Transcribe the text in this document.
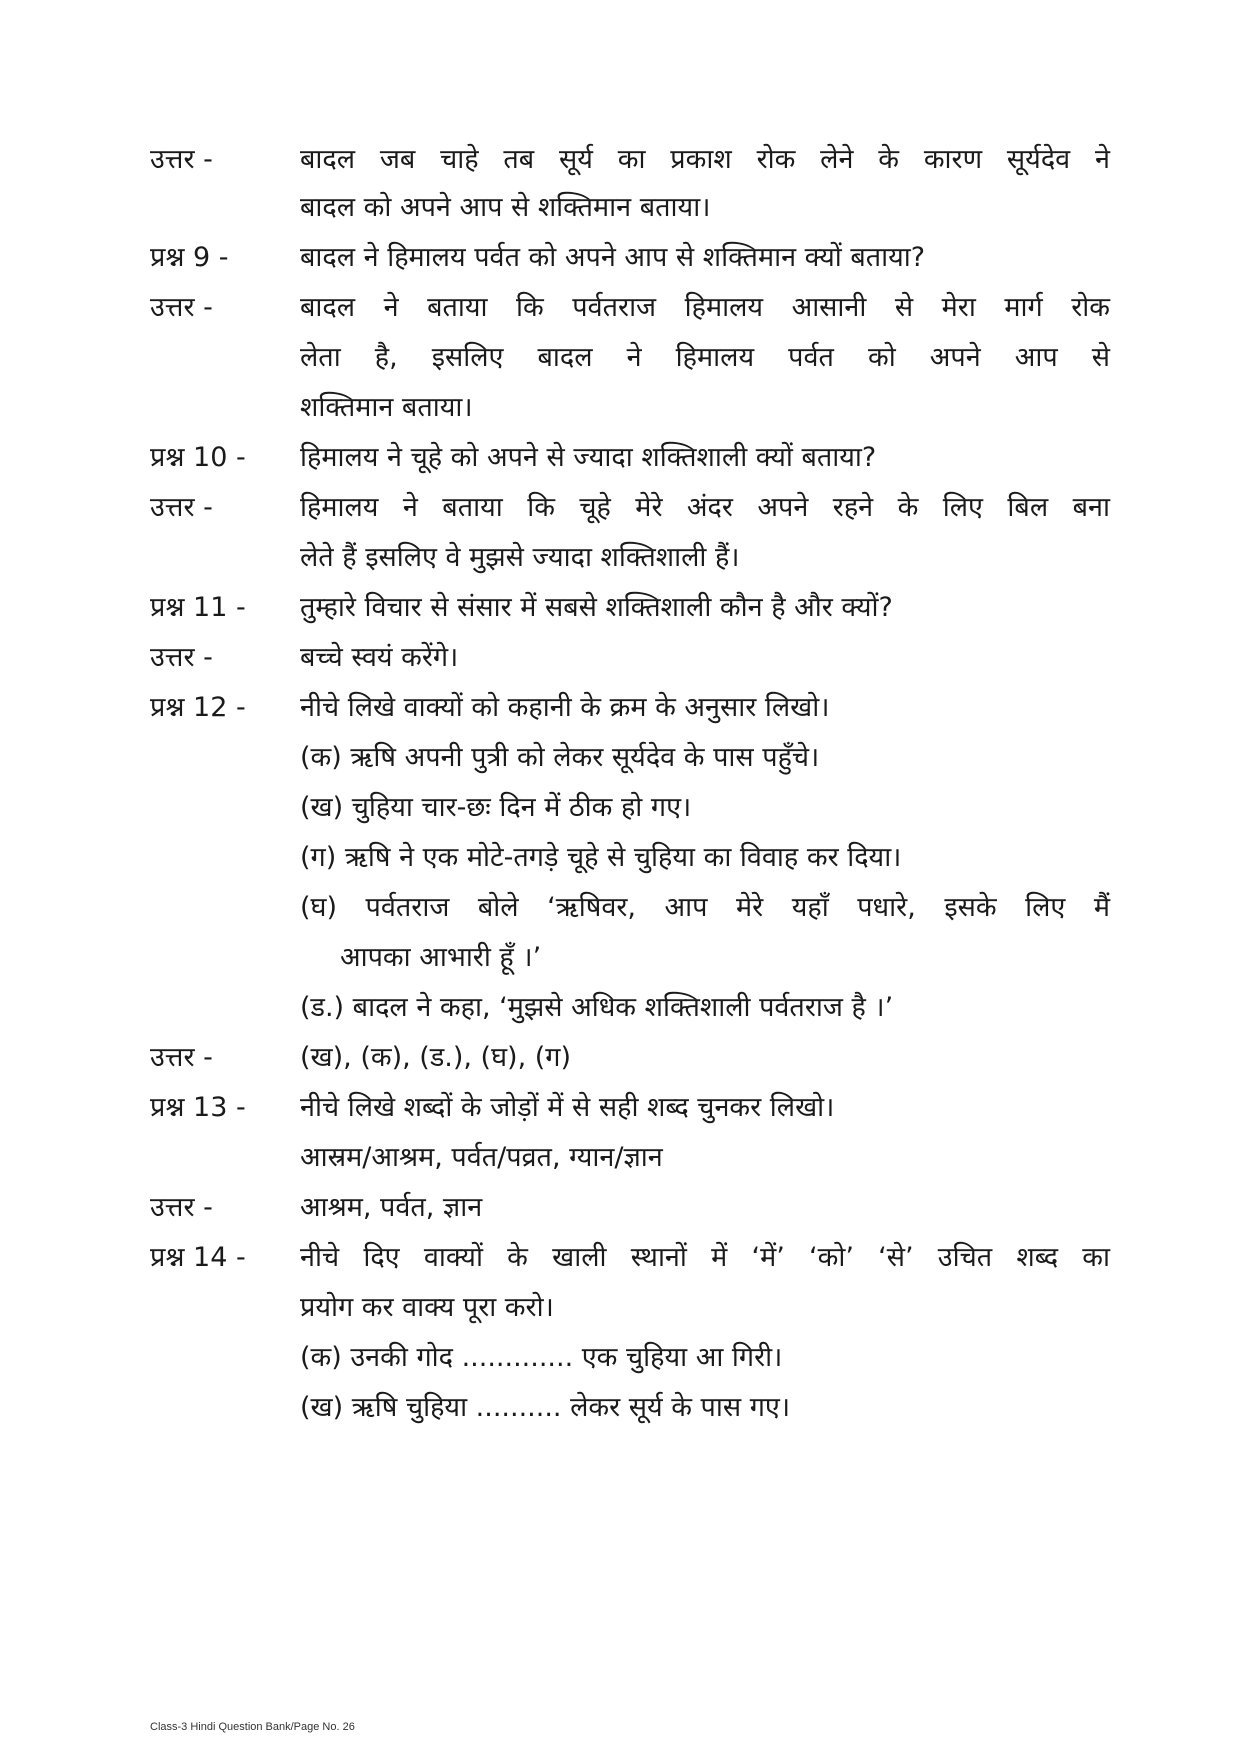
उत्तर -	बादल जब चाहे तब सूर्य का प्रकाश रोक लेने के कारण सूर्यदेव ने
बादल को अपने आप से शक्तिमान बताया।
प्रश्न 9 -	बादल ने हिमालय पर्वत को अपने आप से शक्तिमान क्यों बताया?
उत्तर -	बादल ने बताया कि पर्वतराज हिमालय आसानी से मेरा मार्ग रोक
लेता है, इसलिए बादल ने हिमालय पर्वत को अपने आप से
शक्तिमान बताया।
प्रश्न 10 - हिमालय ने चूहे को अपने से ज्यादा शक्तिशाली क्यों बताया?
उत्तर -	हिमालय ने बताया कि चूहे मेरे अंदर अपने रहने के लिए बिल बना
लेते हैं इसलिए वे मुझसे ज्यादा शक्तिशाली हैं।
प्रश्न 11 - तुम्हारे विचार से संसार में सबसे शक्तिशाली कौन है और क्यों?
उत्तर -	बच्चे स्वयं करेंगे।
प्रश्न 12 - नीचे लिखे वाक्यों को कहानी के क्रम के अनुसार लिखो।
(क) ऋषि अपनी पुत्री को लेकर सूर्यदेव के पास पहुँचे।
(ख) चुहिया चार-छः दिन में ठीक हो गए।
(ग) ऋषि ने एक मोटे-तगड़े चूहे से चुहिया का विवाह कर दिया।
(घ) पर्वतराज बोले ‘ऋषिवर, आप मेरे यहाँ पधारे, इसके लिए मैं
आपका आभारी हूँ ।’
(ड.) बादल ने कहा, ‘मुझसे अधिक शक्तिशाली पर्वतराज है ।’
उत्तर -	(ख), (क), (ड.), (घ), (ग)
प्रश्न 13 - नीचे लिखे शब्दों के जोड़ों में से सही शब्द चुनकर लिखो।
आस्रम/आश्रम, पर्वत/पव्रत, ग्यान/ज्ञान
उत्तर -	आश्रम, पर्वत, ज्ञान
प्रश्न 14 - नीचे दिए वाक्यों के खाली स्थानों में ‘में’ ‘को’ ‘से’ उचित शब्द का
प्रयोग कर वाक्य पूरा करो।
(क) उनकी गोद ............. एक चुहिया आ गिरी।
(ख) ऋषि चुहिया .......... लेकर सूर्य के पास गए।
Class-3 Hindi Question Bank/Page No. 26
